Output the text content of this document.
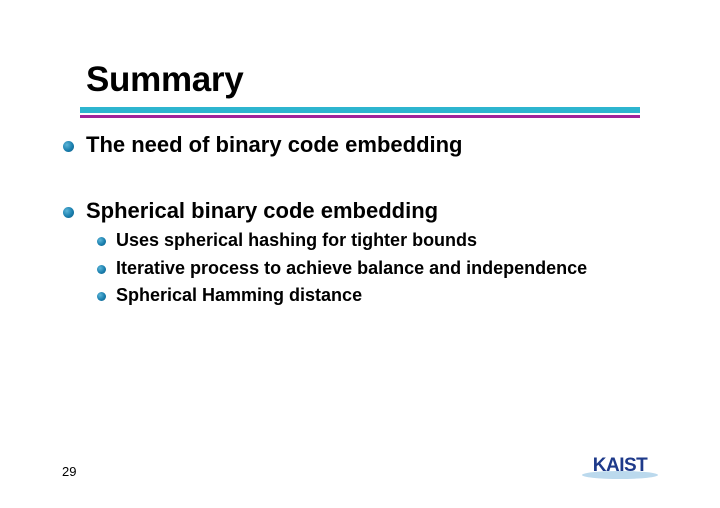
Summary
The need of binary code embedding
Spherical binary code embedding
Uses spherical hashing for tighter bounds
Iterative process to achieve balance and independence
Spherical Hamming distance
29	KAIST
